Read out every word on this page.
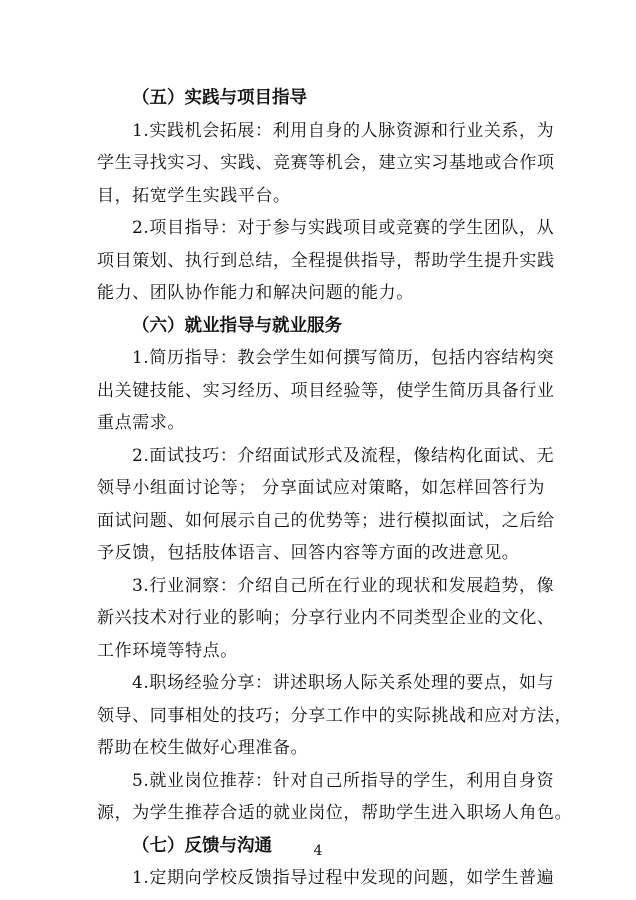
（五）实践与项目指导

1.实践机会拓展：利用自身的人脉资源和行业关系，为
学生寻找实习、实践、竞赛等机会，建立实习基地或合作项
目，拓宽学生实践平台。

2.项目指导：对于参与实践项目或竞赛的学生团队，从
项目策划、执行到总结，全程提供指导，帮助学生提升实践
能力、团队协作能力和解决问题的能力。

（六）就业指导与就业服务

1.简历指导：教会学生如何撰写简历，包括内容结构突
出关键技能、实习经历、项目经验等，使学生简历具备行业
重点需求。

2.面试技巧：介绍面试形式及流程，像结构化面试、无
领导小组面讨论等； 分享面试应对策略，如怎样回答行为
面试问题、如何展示自己的优势等；进行模拟面试，之后给
予反馈，包括肢体语言、回答内容等方面的改进意见。

3.行业洞察：介绍自己所在行业的现状和发展趋势，像
新兴技术对行业的影响；分享行业内不同类型企业的文化、
工作环境等特点。

4.职场经验分享：讲述职场人际关系处理的要点，如与
领导、同事相处的技巧；分享工作中的实际挑战和应对方法，
帮助在校生做好心理准备。

5.就业岗位推荐：针对自己所指导的学生，利用自身资
源，为学生推荐合适的就业岗位，帮助学生进入职场人角色。

（七）反馈与沟通

1.定期向学校反馈指导过程中发现的问题，如学生普遍

4
